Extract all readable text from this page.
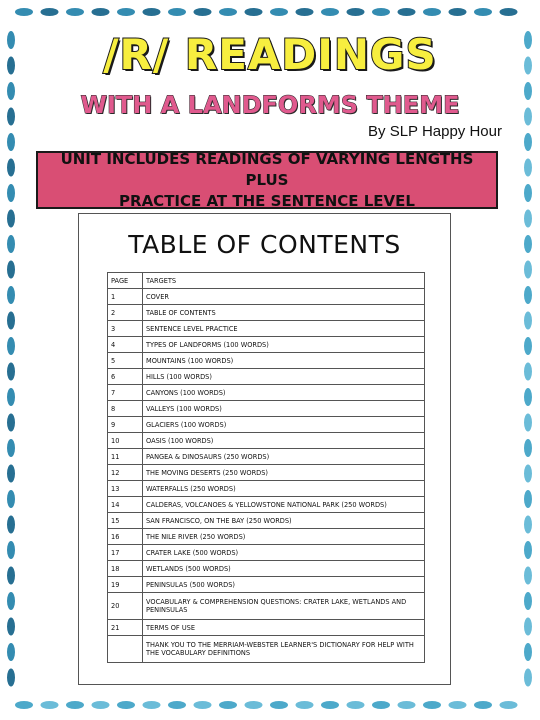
/R/ READINGS
WITH A LANDFORMS THEME
By SLP Happy Hour
UNIT INCLUDES READINGS OF VARYING LENGTHS PLUS
PRACTICE AT THE SENTENCE LEVEL
TABLE OF CONTENTS
PAGE	TARGETS
1	COVER
2	TABLE OF CONTENTS
3	SENTENCE LEVEL PRACTICE
4	TYPES OF LANDFORMS (100 WORDS)
5	MOUNTAINS (100 WORDS)
6	HILLS (100 WORDS)
7	CANYONS (100 WORDS)
8	VALLEYS (100 WORDS)
9	GLACIERS (100 WORDS)
10	OASIS (100 WORDS)
11	PANGEA & DINOSAURS (250 WORDS)
12	THE MOVING DESERTS (250 WORDS)
13	WATERFALLS (250 WORDS)
14	CALDERAS, VOLCANOES & YELLOWSTONE NATIONAL PARK (250 WORDS)
15	SAN FRANCISCO, ON THE BAY (250 WORDS)
16	THE NILE RIVER (250 WORDS)
17	CRATER LAKE (500 WORDS)
18	WETLANDS (500 WORDS)
19	PENINSULAS (500 WORDS)
20	VOCABULARY & COMPREHENSION QUESTIONS: CRATER LAKE, WETLANDS AND PENINSULAS
21	TERMS OF USE
	THANK YOU TO THE MERRIAM-WEBSTER LEARNER'S DICTIONARY FOR HELP WITH THE VOCABULARY DEFINITIONS
